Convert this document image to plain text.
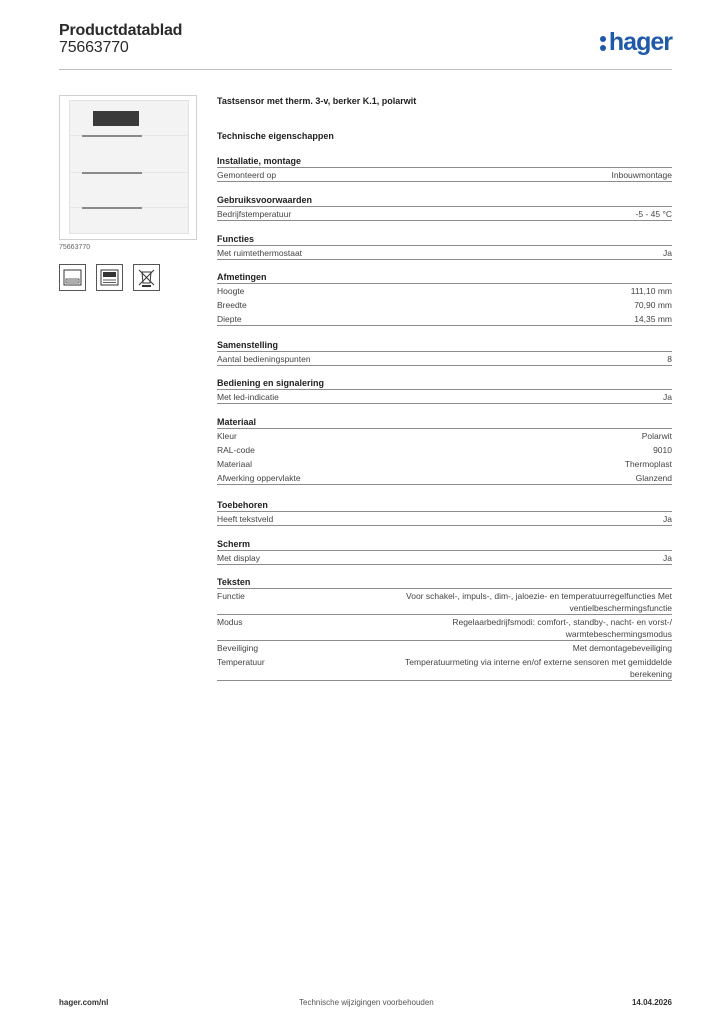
Productdatablad
75663770	hager
75663770
Tastsensor met therm. 3-v, berker K.1, polarwit
Technische eigenschappen
Installatie, montage
Gemonteerd op	Inbouwmontage
Gebruiksvoorwaarden
Bedrijfstemperatuur	-5 - 45 °C
Functies
Met ruimtethermostaat	Ja
Afmetingen
Hoogte	111,10 mm
Breedte	70,90 mm
Diepte	14,35 mm
Samenstelling
Aantal bedieningspunten	8
Bediening en signalering
Met led-indicatie	Ja
Materiaal
Kleur	Polarwit
RAL-code	9010
Materiaal	Thermoplast
Afwerking oppervlakte	Glanzend
Toebehoren
Heeft tekstveld	Ja
Scherm
Met display	Ja
Teksten
Functie	Voor schakel-, impuls-, dim-, jaloezie- en temperatuurregelfuncties Met ventielbeschermingsfunctie
Modus	Regelaarbedrijfsmodi: comfort-, standby-, nacht- en vorst-/ warmtebeschermingsmodus
Beveiliging	Met demontagebeveiliging
Temperatuur	Temperatuurmeting via interne en/of externe sensoren met gemiddelde berekening
hager.com/nl	Technische wijzigingen voorbehouden	14.04.2026
